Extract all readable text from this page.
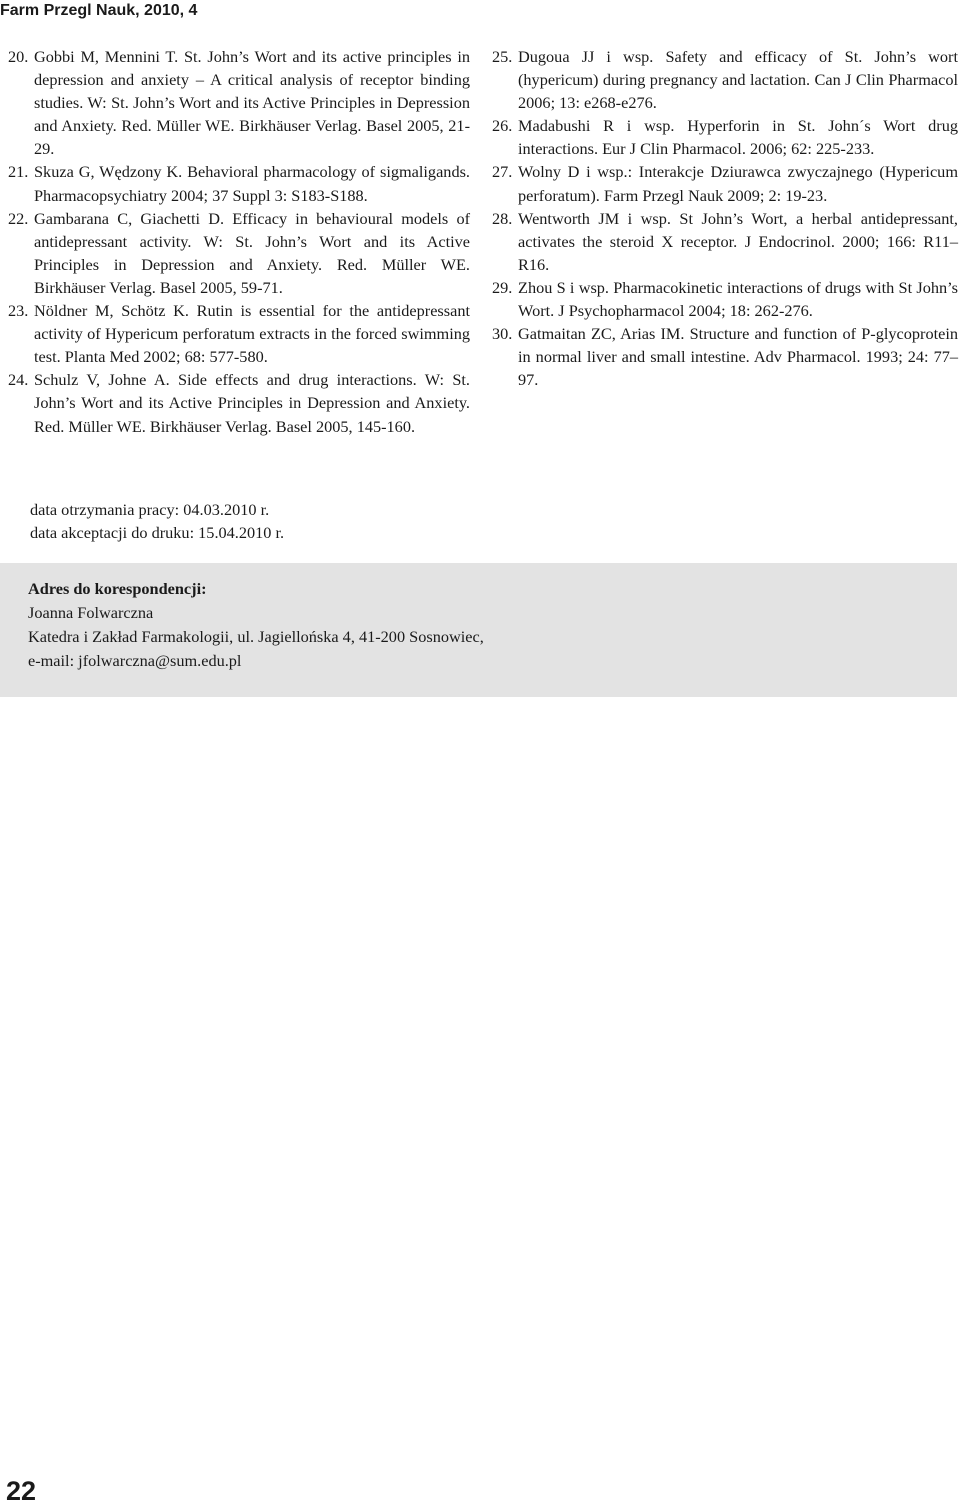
Farm Przegl Nauk, 2010, 4
20. Gobbi M, Mennini T. St. John’s Wort and its active principles in depression and anxiety – A critical analysis of receptor binding studies. W: St. John’s Wort and its Active Principles in Depression and Anxiety. Red. Müller WE. Birkhäuser Verlag. Basel 2005, 21-29.
21. Skuza G, Wędzony K. Behavioral pharmacology of sigmaligands. Pharmacopsychiatry 2004; 37 Suppl 3: S183-S188.
22. Gambarana C, Giachetti D. Efficacy in behavioural models of antidepressant activity. W: St. John’s Wort and its Active Principles in Depression and Anxiety. Red. Müller WE. Birkhäuser Verlag. Basel 2005, 59-71.
23. Nöldner M, Schötz K. Rutin is essential for the antidepressant activity of Hypericum perforatum extracts in the forced swimming test. Planta Med 2002; 68: 577-580.
24. Schulz V, Johne A. Side effects and drug interactions. W: St. John’s Wort and its Active Principles in Depression and Anxiety. Red. Müller WE. Birkhäuser Verlag. Basel 2005, 145-160.
25. Dugoua JJ i wsp. Safety and efficacy of St. John’s wort (hypericum) during pregnancy and lactation. Can J Clin Pharmacol 2006; 13: e268-e276.
26. Madabushi R i wsp. Hyperforin in St. John´s Wort drug interactions. Eur J Clin Pharmacol. 2006; 62: 225-233.
27. Wolny D i wsp.: Interakcje Dziurawca zwyczajnego (Hypericum perforatum). Farm Przegl Nauk 2009; 2: 19-23.
28. Wentworth JM i wsp. St John’s Wort, a herbal antidepressant, activates the steroid X receptor. J Endocrinol. 2000; 166: R11–R16.
29. Zhou S i wsp. Pharmacokinetic interactions of drugs with St John’s Wort. J Psychopharmacol 2004; 18: 262-276.
30. Gatmaitan ZC, Arias IM. Structure and function of P-glycoprotein in normal liver and small intestine. Adv Pharmacol. 1993; 24: 77–97.
data otrzymania pracy: 04.03.2010 r.
data akceptacji do druku: 15.04.2010 r.
Adres do korespondencji:
Joanna Folwarczna
Katedra i Zakład Farmakologii, ul. Jagiellońska 4, 41-200 Sosnowiec,
e-mail: jfolwarczna@sum.edu.pl
22
